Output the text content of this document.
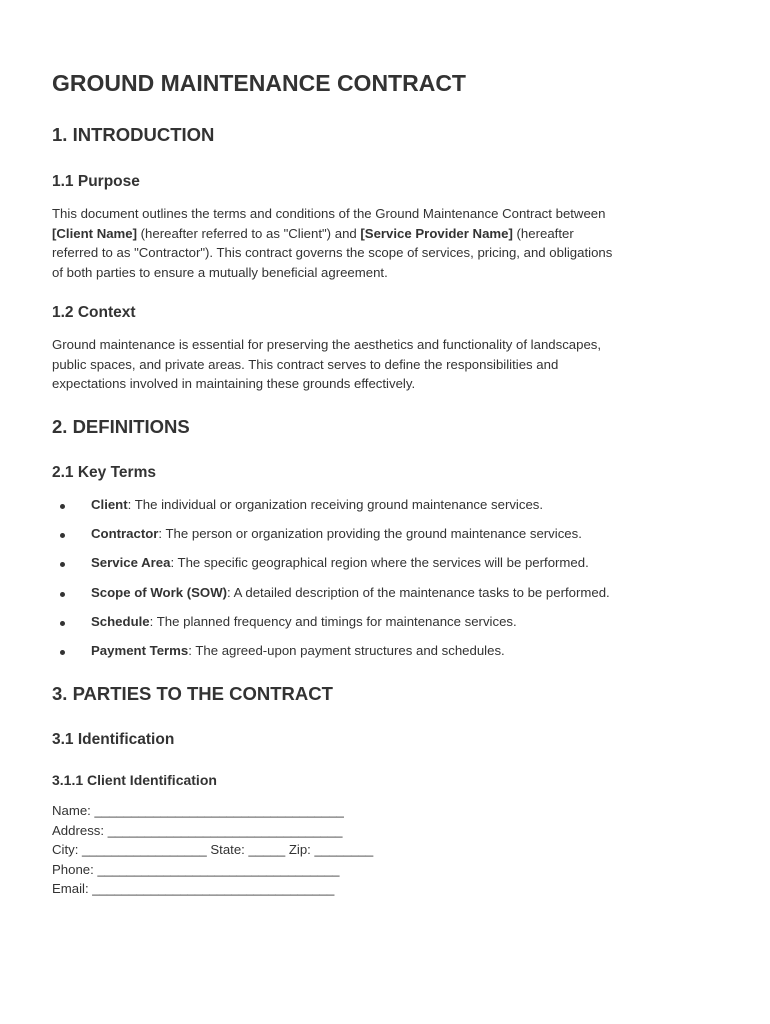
GROUND MAINTENANCE CONTRACT
1. INTRODUCTION
1.1 Purpose

This document outlines the terms and conditions of the Ground Maintenance Contract between
[Client Name] (hereafter referred to as "Client") and [Service Provider Name] (hereafter
referred to as "Contractor"). This contract governs the scope of services, pricing, and obligations
of both parties to ensure a mutually beneficial agreement.

1.2 Context

Ground maintenance is essential for preserving the aesthetics and functionality of landscapes,
public spaces, and private areas. This contract serves to define the responsibilities and
expectations involved in maintaining these grounds effectively.

2. DEFINITIONS
2.1 Key Terms
Client: The individual or organization receiving ground maintenance services.
Contractor: The person or organization providing the ground maintenance services.
Service Area: The specific geographical region where the services will be performed.
Scope of Work (SOW): A detailed description of the maintenance tasks to be performed.
Schedule: The planned frequency and timings for maintenance services.
Payment Terms: The agreed-upon payment structures and schedules.
3. PARTIES TO THE CONTRACT
3.1 Identification
3.1.1 Client Identification
Name: __________________________________
Address: ________________________________
City: _________________ State: _____ Zip: ________
Phone: _________________________________
Email: _________________________________
